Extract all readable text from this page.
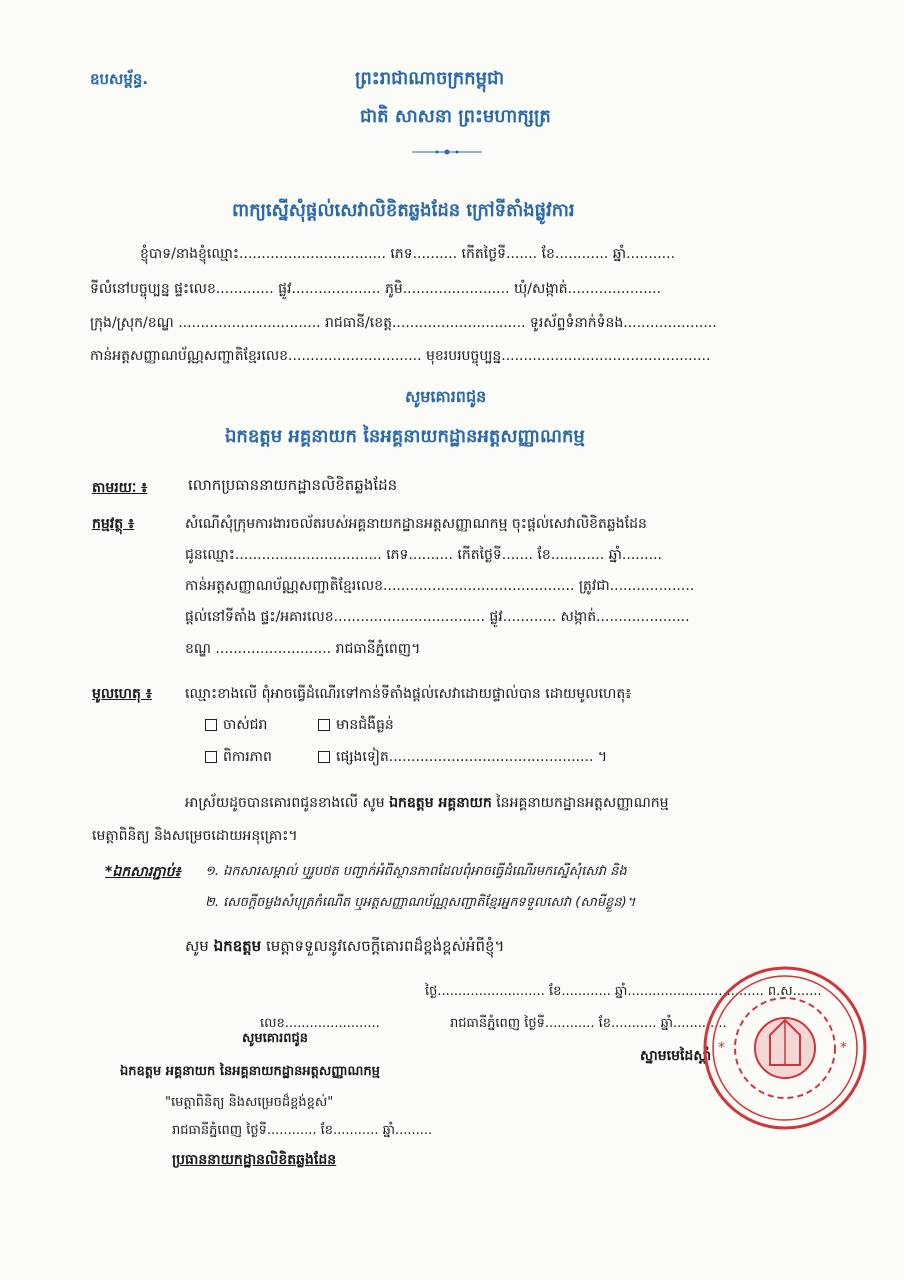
ឧបសម្ព័ន្ធ.	ព្រះរាជាណាចក្រកម្ពុជា
ជាតិ សាសនា ព្រះមហាក្សត្រ
ពាក្យស្នើសុំផ្តល់សេវាលិខិតឆ្លងដែន ក្រៅទីតាំងផ្លូវការ
ខ្ញុំបាទ/នាងខ្ញុំឈ្មោះ................................. ភេទ.......... កើតថ្ងៃទី....... ខែ............ ឆ្នាំ...........
ទីលំនៅបច្ចុប្បន្ន ផ្ទះលេខ............. ផ្លូវ.................... ភូមិ........................ ឃុំ/សង្កាត់.....................
ក្រុង/ស្រុក/ខណ្ឌ ................................ រាជធានី/ខេត្ត.............................. ទូរស័ព្ទទំនាក់ទំនង.....................
កាន់អត្តសញ្ញាណប័ណ្ណសញ្ជាតិខ្មែរលេខ.............................. មុខរបរបច្ចុប្បន្ន...............................................
សូមគោរពជូន
ឯកឧត្តម អគ្គនាយក នៃអគ្គនាយកដ្ឋានអត្តសញ្ញាណកម្ម
តាមរយៈ ៖	លោកប្រធាននាយកដ្ឋានលិខិតឆ្លងដែន
កម្មវត្ថុ ៖	សំណើសុំក្រុមការងារចល័តរបស់អគ្គនាយកដ្ឋានអត្តសញ្ញាណកម្ម ចុះផ្តល់សេវាលិខិតឆ្លងដែន
ជូនឈ្មោះ................................. ភេទ.......... កើតថ្ងៃទី....... ខែ............ ឆ្នាំ.........
កាន់អត្តសញ្ញាណប័ណ្ណសញ្ជាតិខ្មែរលេខ........................................... ត្រូវជា...................
ផ្តល់នៅទីតាំង ផ្ទះ/អគារលេខ.................................. ផ្លូវ............ សង្កាត់.....................
ខណ្ឌ .......................... រាជធានីភ្នំពេញ។
មូលហេតុ ៖ ឈ្មោះខាងលើ ពុំអាចធ្វើដំណើរទៅកាន់ទីតាំងផ្តល់សេវាដោយផ្ទាល់បាន ដោយមូលហេតុ៖
ចាស់ជរា	មានជំងឺធ្ងន់
ពិការភាព	ផ្សេងទៀត.............................................. ។
អាស្រ័យដូចបានគោរពជូនខាងលើ សូម ឯកឧត្តម អគ្គនាយក នៃអគ្គនាយកដ្ឋានអត្តសញ្ញាណកម្ម
មេត្តាពិនិត្យ និងសម្រេចដោយអនុគ្រោះ។
*ឯកសារភ្ជាប់៖ ១. ឯកសារសម្គាល់ ឬរូបថត បញ្ជាក់អំពីស្ថានភាពដែលពុំអាចធ្វើដំណើរមកស្នើសុំសេវា និង
២. សេចក្តីចម្លងសំបុត្រកំណើត ឬអត្តសញ្ញាណប័ណ្ណសញ្ជាតិខ្មែរអ្នកទទួលសេវា (សាមីខ្លួន)។
សូម ឯកឧត្តម មេត្តាទទួលនូវសេចក្តីគោរពដ៏ខ្ពង់ខ្ពស់អំពីខ្ញុំ។
ថ្ងៃ.......................... ខែ............ ឆ្នាំ................................. ព.ស.......
លេខ.......................	រាជធានីភ្នំពេញ ថ្ងៃទី............ ខែ........... ឆ្នាំ.............
សូមគោរពជូន
ឯកឧត្តម អគ្គនាយក នៃអគ្គនាយកដ្ឋានអត្តសញ្ញាណកម្ម
"មេត្តាពិនិត្យ និងសម្រេចដ៏ខ្ពង់ខ្ពស់"
រាជធានីភ្នំពេញ ថ្ងៃទី............ ខែ........... ឆ្នាំ.........
ប្រធាននាយកដ្ឋានលិខិតឆ្លងដែន
ស្នាមមេដៃស្តាំ *	*
